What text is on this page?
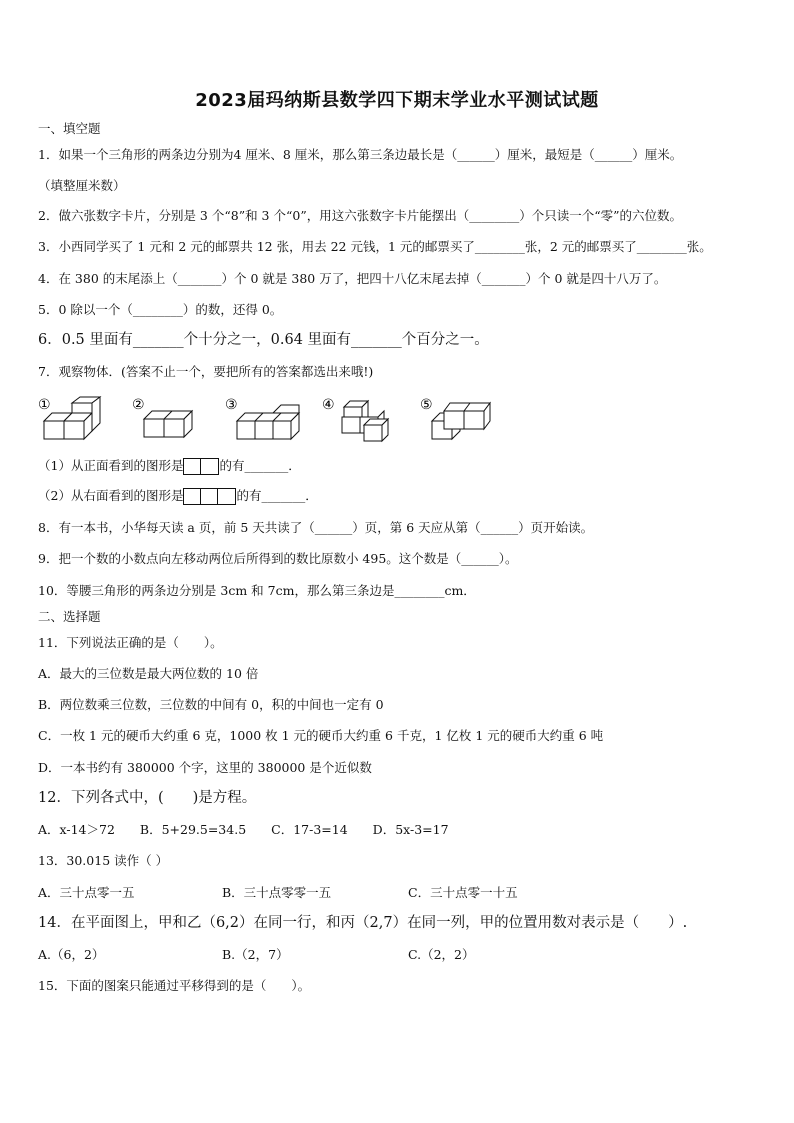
2023届玛纳斯县数学四下期末学业水平测试试题
一、填空题
1．如果一个三角形的两条边分别为4 厘米、8 厘米，那么第三条边最长是（______）厘米，最短是（______）厘米。
（填整厘米数）
2．做六张数字卡片，分别是 3 个“8”和 3 个“0”，用这六张数字卡片能摆出（________）个只读一个“零”的六位数。
3．小西同学买了 1 元和 2 元的邮票共 12 张，用去 22 元钱，1 元的邮票买了________张，2 元的邮票买了________张。
4．在 380 的末尾添上（_______）个 0 就是 380 万了，把四十八亿末尾去掉（_______）个 0 就是四十八万了。
5．0 除以一个（________）的数，还得 0。
6．0.5 里面有_______个十分之一，0.64 里面有_______个百分之一。
7．观察物体．(答案不止一个，要把所有的答案都选出来哦!)
①	②	③	④	⑤
（1）从正面看到的图形是	的有_______．
（2）从右面看到的图形是	的有_______．
8．有一本书，小华每天读 a 页，前 5 天共读了（______）页，第 6 天应从第（______）页开始读。
9．把一个数的小数点向左移动两位后所得到的数比原数小 495。这个数是（______）。
10．等腰三角形的两条边分别是 3cm 和 7cm，那么第三条边是________cm．
二、选择题
11．下列说法正确的是（　　）。
A．最大的三位数是最大两位数的 10 倍
B．两位数乘三位数，三位数的中间有 0，积的中间也一定有 0
C．一枚 1 元的硬币大约重 6 克，1000 枚 1 元的硬币大约重 6 千克，1 亿枚 1 元的硬币大约重 6 吨
D．一本书约有 380000 个字，这里的 380000 是个近似数
12．下列各式中，(　　)是方程。
A．x-14＞72　　B．5+29.5=34.5　　C．17-3=14　　D．5x-3=17
13．30.015 读作（ ）
A．三十点零一五	B．三十点零零一五	C．三十点零一十五
14．在平面图上，甲和乙（6,2）在同一行，和丙（2,7）在同一列，甲的位置用数对表示是（　　）.
A.（6，2）	B.（2，7）	C.（2，2）
15．下面的图案只能通过平移得到的是（　　）。
